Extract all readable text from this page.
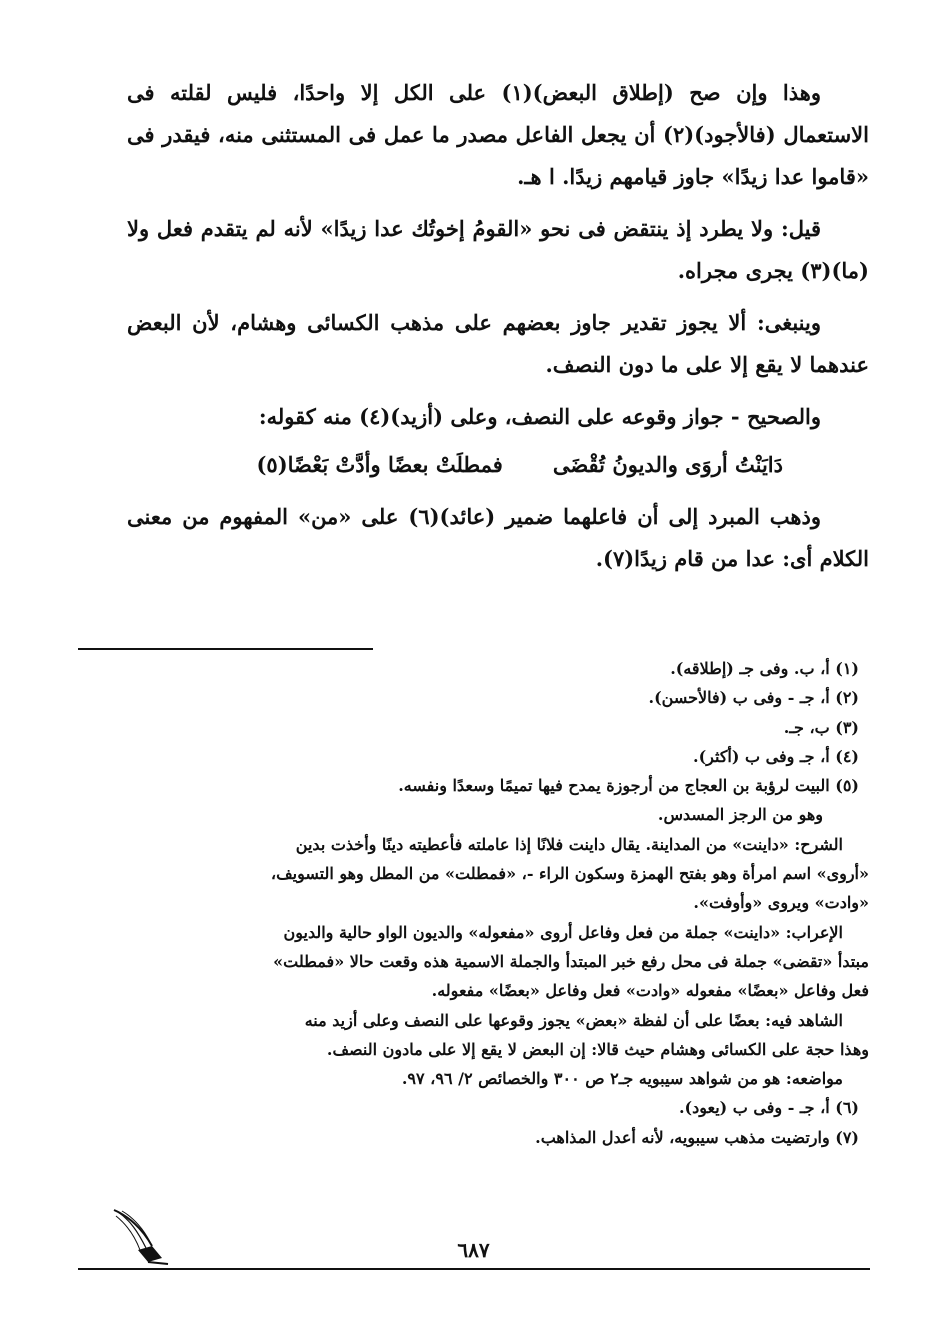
وهذا وإن صح (إطلاق البعض)(١) على الكل إلا واحدًا، فليس لقلته فى الاستعمال (فالأجود)(٢) أن يجعل الفاعل مصدر ما عمل فى المستثنى منه، فيقدر فى «قاموا عدا زيدًا» جاوز قيامهم زيدًا. ا هـ.

قيل: ولا يطرد إذ ينتقض فى نحو «القومُ إخوتُك عدا زيدًا» لأنه لم يتقدم فعل ولا (ما)(٣) يجرى مجراه.

وينبغى: ألا يجوز تقدير جاوز بعضهم على مذهب الكسائى وهشام، لأن البعض عندهما لا يقع إلا على ما دون النصف.

والصحيح - جواز وقوعه على النصف، وعلى (أزيد)(٤) منه كقوله:

دَايَنْتُ أروَى والديونُ تُقْضَى
فمطلَتْ بعضًا وأدَّتْ بَعْضًا(٥)

وذهب المبرد إلى أن فاعلهما ضمير (عائد)(٦) على «من» المفهوم من معنى الكلام أى: عدا من قام زيدًا(٧).

(١) أ، ب. وفى جـ (إطلاقه).
(٢) أ، جـ - وفى ب (فالأحسن).
(٣) ب، جـ.
(٤) أ، جـ وفى ب (أكثر).
(٥) البيت لرؤبة بن العجاج من أرجوزة يمدح فيها تميمًا وسعدًا ونفسه.
وهو من الرجز المسدس.
الشرح: «داينت» من المداينة. يقال داينت فلانًا إذا عاملته فأعطيته دينًا وأخذت بدين
«أروى» اسم امرأة وهو بفتح الهمزة وسكون الراء -، «فمطلت» من المطل وهو التسويف،
«وادت» ويروى «وأوفت».
الإعراب: «داينت» جملة من فعل وفاعل أروى «مفعوله» والديون الواو حالية والديون
مبتدأ «تقضى» جملة فى محل رفع خبر المبتدأ والجملة الاسمية هذه وقعت حالا «فمطلت»
فعل وفاعل «بعضًا» مفعوله «وادت» فعل وفاعل «بعضًا» مفعوله.
الشاهد فيه: بعضًا على أن لفظة «بعض» يجوز وقوعها على النصف وعلى أزيد منه
وهذا حجة على الكسائى وهشام حيث قالا: إن البعض لا يقع إلا على مادون النصف.
مواضعه: هو من شواهد سيبويه جـ٢ ص ٣٠٠ والخصائص ٢/ ٩٦، ٩٧.
(٦) أ، جـ - وفى ب (يعود).
(٧) وارتضيت مذهب سيبويه، لأنه أعدل المذاهب.
٦٨٧
